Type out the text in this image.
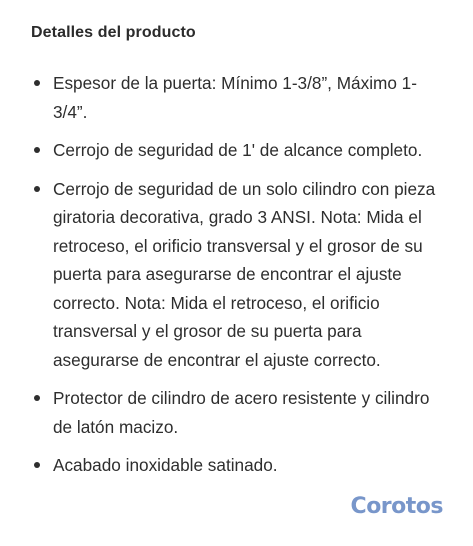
Detalles del producto
Espesor de la puerta: Mínimo 1-3/8”, Máximo 1-3/4”.
Cerrojo de seguridad de 1' de alcance completo.
Cerrojo de seguridad de un solo cilindro con pieza giratoria decorativa, grado 3 ANSI. Nota: Mida el retroceso, el orificio transversal y el grosor de su puerta para asegurarse de encontrar el ajuste correcto. Nota: Mida el retroceso, el orificio transversal y el grosor de su puerta para asegurarse de encontrar el ajuste correcto.
Protector de cilindro de acero resistente y cilindro de latón macizo.
Acabado inoxidable satinado.
Corotos
